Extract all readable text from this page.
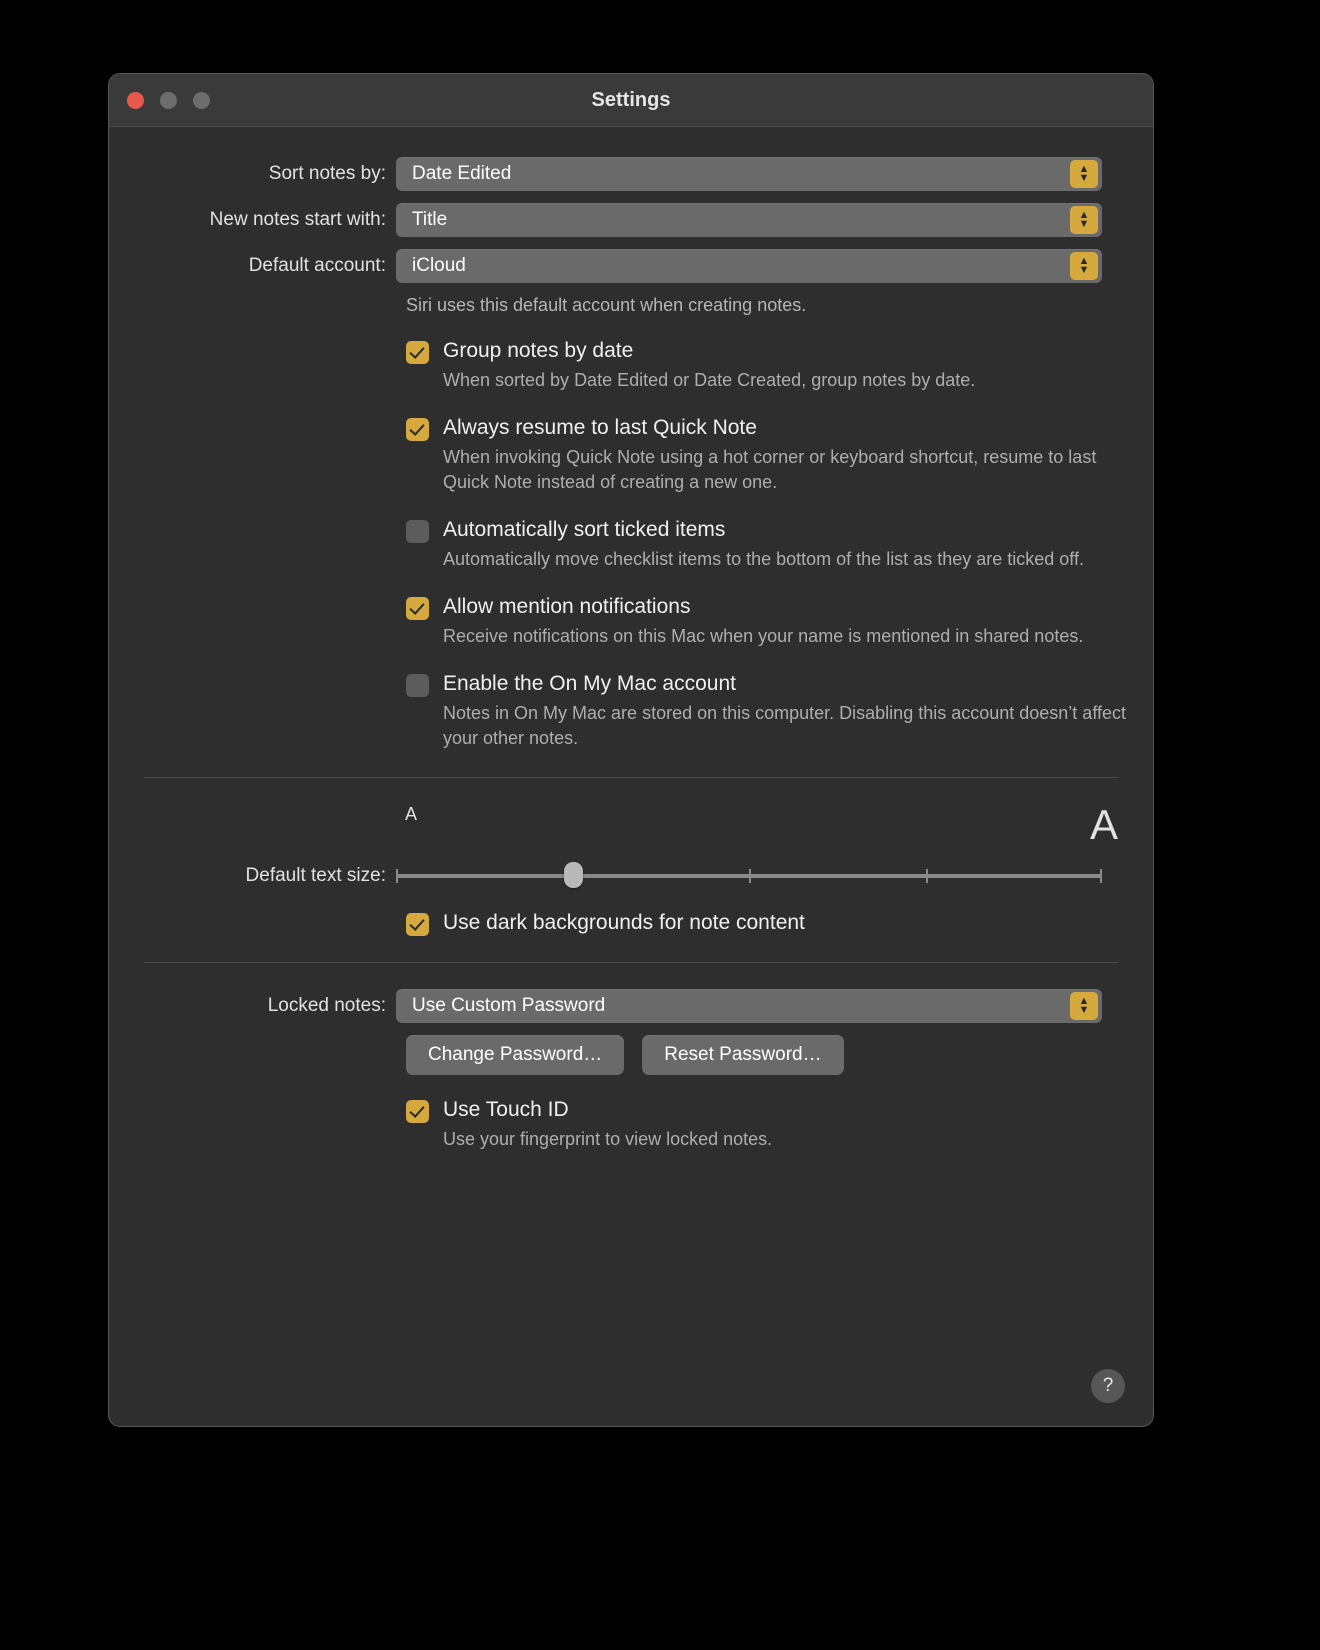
Settings
Sort notes by:	Date Edited	▲
▼
New notes start with:	Title	▲
▼
Default account:	iCloud	▲
▼
Siri uses this default account when creating notes.
Group notes by date
When sorted by Date Edited or Date Created, group notes by date.
Always resume to last Quick Note
When invoking Quick Note using a hot corner or keyboard shortcut, resume to last Quick Note instead of creating a new one.
Automatically sort ticked items
Automatically move checklist items to the bottom of the list as they are ticked off.
Allow mention notifications
Receive notifications on this Mac when your name is mentioned in shared notes.
Enable the On My Mac account
Notes in On My Mac are stored on this computer. Disabling this account doesn’t affect your other notes.
A	A
Default text size:
Use dark backgrounds for note content
Locked notes:	Use Custom Password	▲
▼
Change Password…	Reset Password…
Use Touch ID
Use your fingerprint to view locked notes.
?
